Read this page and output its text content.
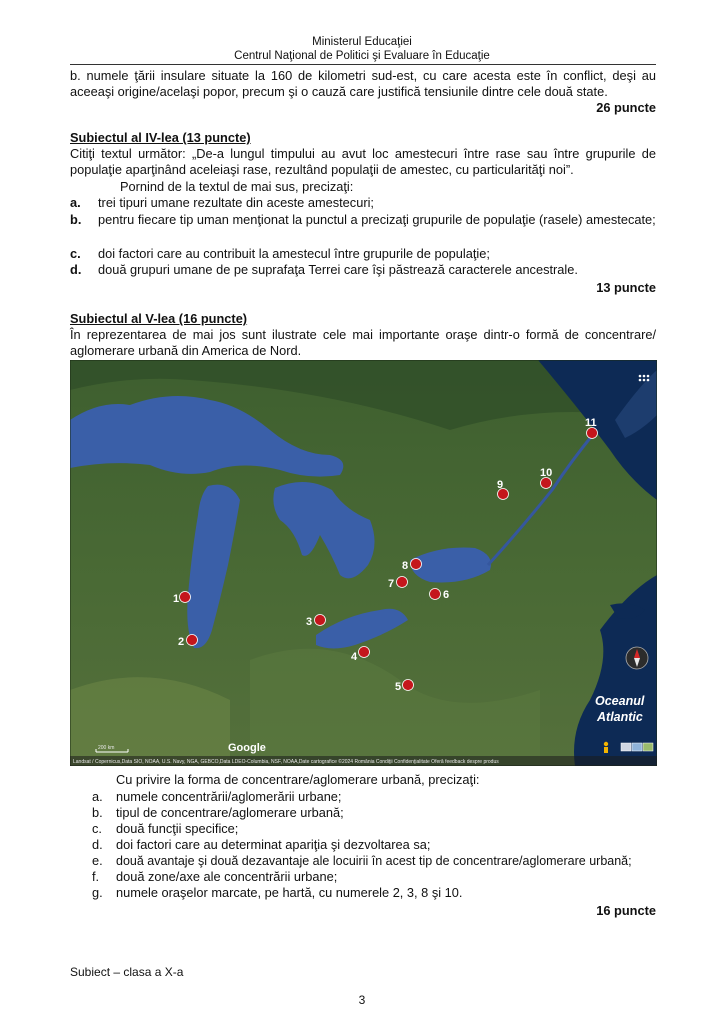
Ministerul Educaţiei
Centrul Naţional de Politici şi Evaluare în Educaţie
b. numele ţării insulare situate la 160 de kilometri sud-est, cu care acesta este în conflict, deşi au aceeaşi origine/acelaşi popor, precum şi o cauză care justifică tensiunile dintre cele două state.
26 puncte
Subiectul al IV-lea (13 puncte)
Citiţi textul următor: „De-a lungul timpului au avut loc amestecuri între rase sau între grupurile de populaţie aparţinând aceleiaşi rase, rezultând populaţii de amestec, cu particularităţi noi”.
Pornind de la textul de mai sus, precizaţi:
a.	trei tipuri umane rezultate din aceste amestecuri;
b.	pentru fiecare tip uman menţionat la punctul a precizaţi grupurile de populaţie (rasele) amestecate;
c.	doi factori care au contribuit la amestecul între grupurile de populaţie;
d.	două grupuri umane de pe suprafaţa Terrei care îşi păstrează caracterele ancestrale.
13 puncte
Subiectul al V-lea (16 puncte)
În reprezentarea de mai jos sunt ilustrate cele mai importante oraşe dintr-o formă de concentrare/ aglomerare urbană din America de Nord.
1
2
3
4
5
6
7
8
9
10
11
Oceanul
Atlantic
200 km	Google
Landsat / Copernicus,Data SIO, NOAA, U.S. Navy, NGA, GEBCO,Data LDEO-Columbia, NSF, NOAA,Date cartografice ©2024 România Condiţii Confidenţialitate Oferă feedback despre produs
Cu privire la forma de concentrare/aglomerare urbană, precizaţi:
a.	numele concentrării/aglomerării urbane;
b.	tipul de concentrare/aglomerare urbană;
c.	două funcţii specifice;
d.	doi factori care au determinat apariţia şi dezvoltarea sa;
e.	două avantaje şi două dezavantaje ale locuirii în acest tip de concentrare/aglomerare urbană;
f.	două zone/axe ale concentrării urbane;
g.	numele oraşelor marcate, pe hartă, cu numerele 2, 3, 8 şi 10.
16 puncte
Subiect – clasa a X-a
3
